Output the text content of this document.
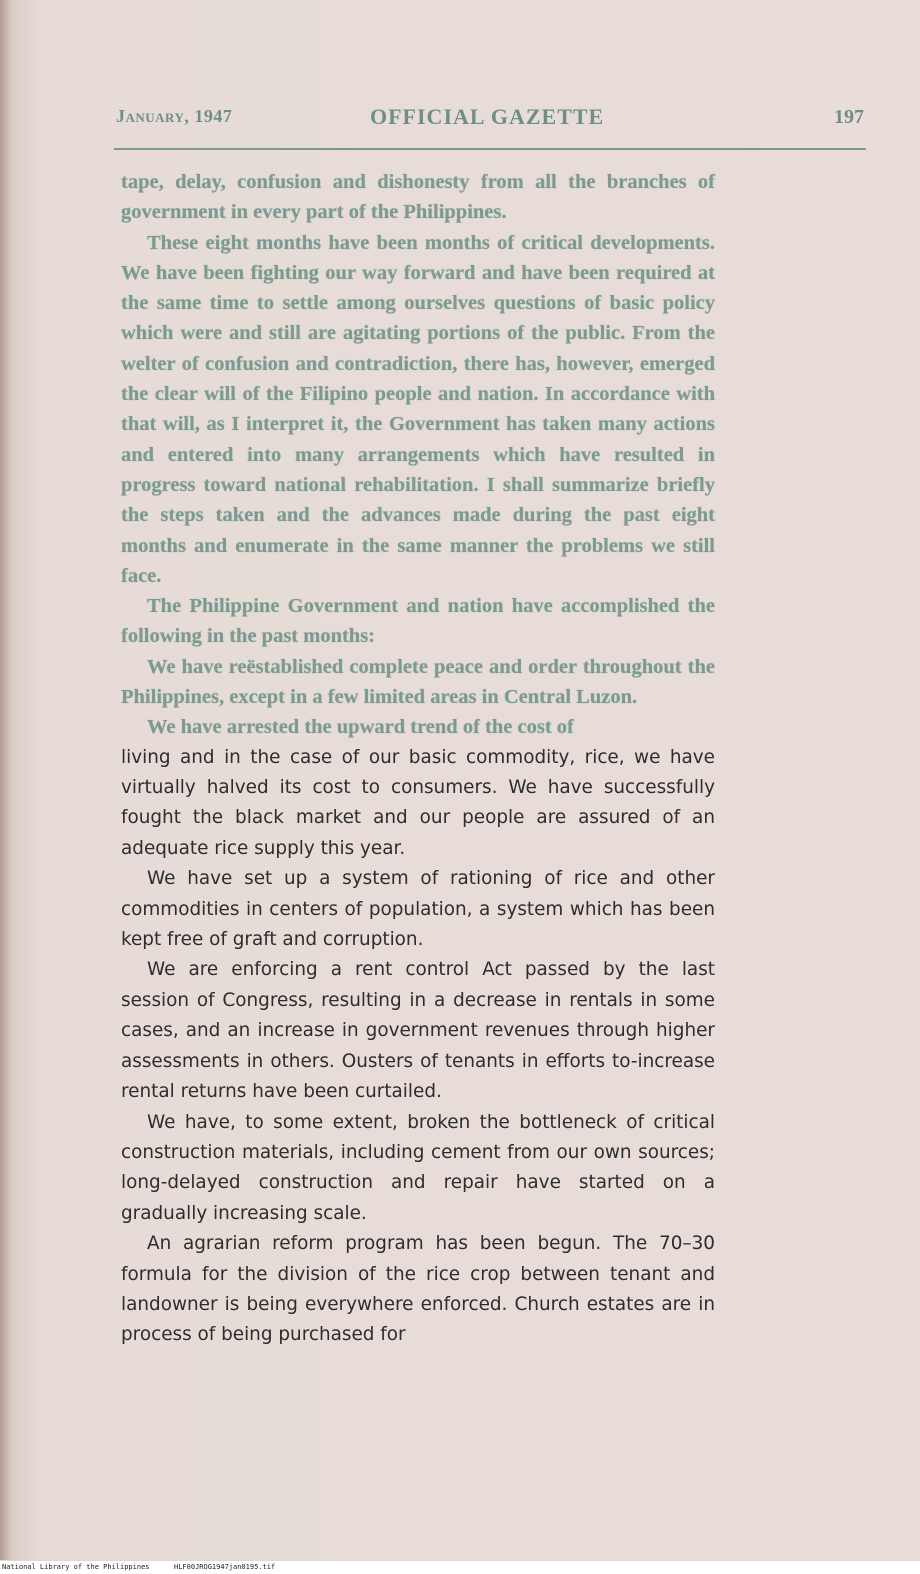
January, 1947	OFFICIAL GAZETTE	197

tape, delay, confusion and dishonesty from all the branches of government in every part of the Philippines.

These eight months have been months of critical developments. We have been fighting our way forward and have been required at the same time to settle among ourselves questions of basic policy which were and still are agitating portions of the public. From the welter of confusion and contradiction, there has, however, emerged the clear will of the Filipino people and nation. In accordance with that will, as I interpret it, the Government has taken many actions and entered into many arrangements which have resulted in progress toward national rehabilitation. I shall summarize briefly the steps taken and the advances made during the past eight months and enumerate in the same manner the problems we still face.

The Philippine Government and nation have accomplished the following in the past months:

We have reëstablished complete peace and order throughout the Philippines, except in a few limited areas in Central Luzon.

We have arrested the upward trend of the cost of

living and in the case of our basic commodity, rice, we have virtually halved its cost to consumers. We have successfully fought the black market and our people are assured of an adequate rice supply this year.

We have set up a system of rationing of rice and other commodities in centers of population, a system which has been kept free of graft and corruption.

We are enforcing a rent control Act passed by the last session of Congress, resulting in a decrease in rentals in some cases, and an increase in government revenues through higher assessments in others. Ousters of tenants in efforts to-increase rental returns have been curtailed.

We have, to some extent, broken the bottleneck of critical construction materials, including cement from our own sources; long-delayed construction and repair have started on a gradually increasing scale.

An agrarian reform program has been begun. The 70–30 formula for the division of the rice crop between tenant and landowner is being everywhere enforced. Church estates are in process of being purchased for

National Library of the Philippines	HLF00JROG1947jan0195.tif
